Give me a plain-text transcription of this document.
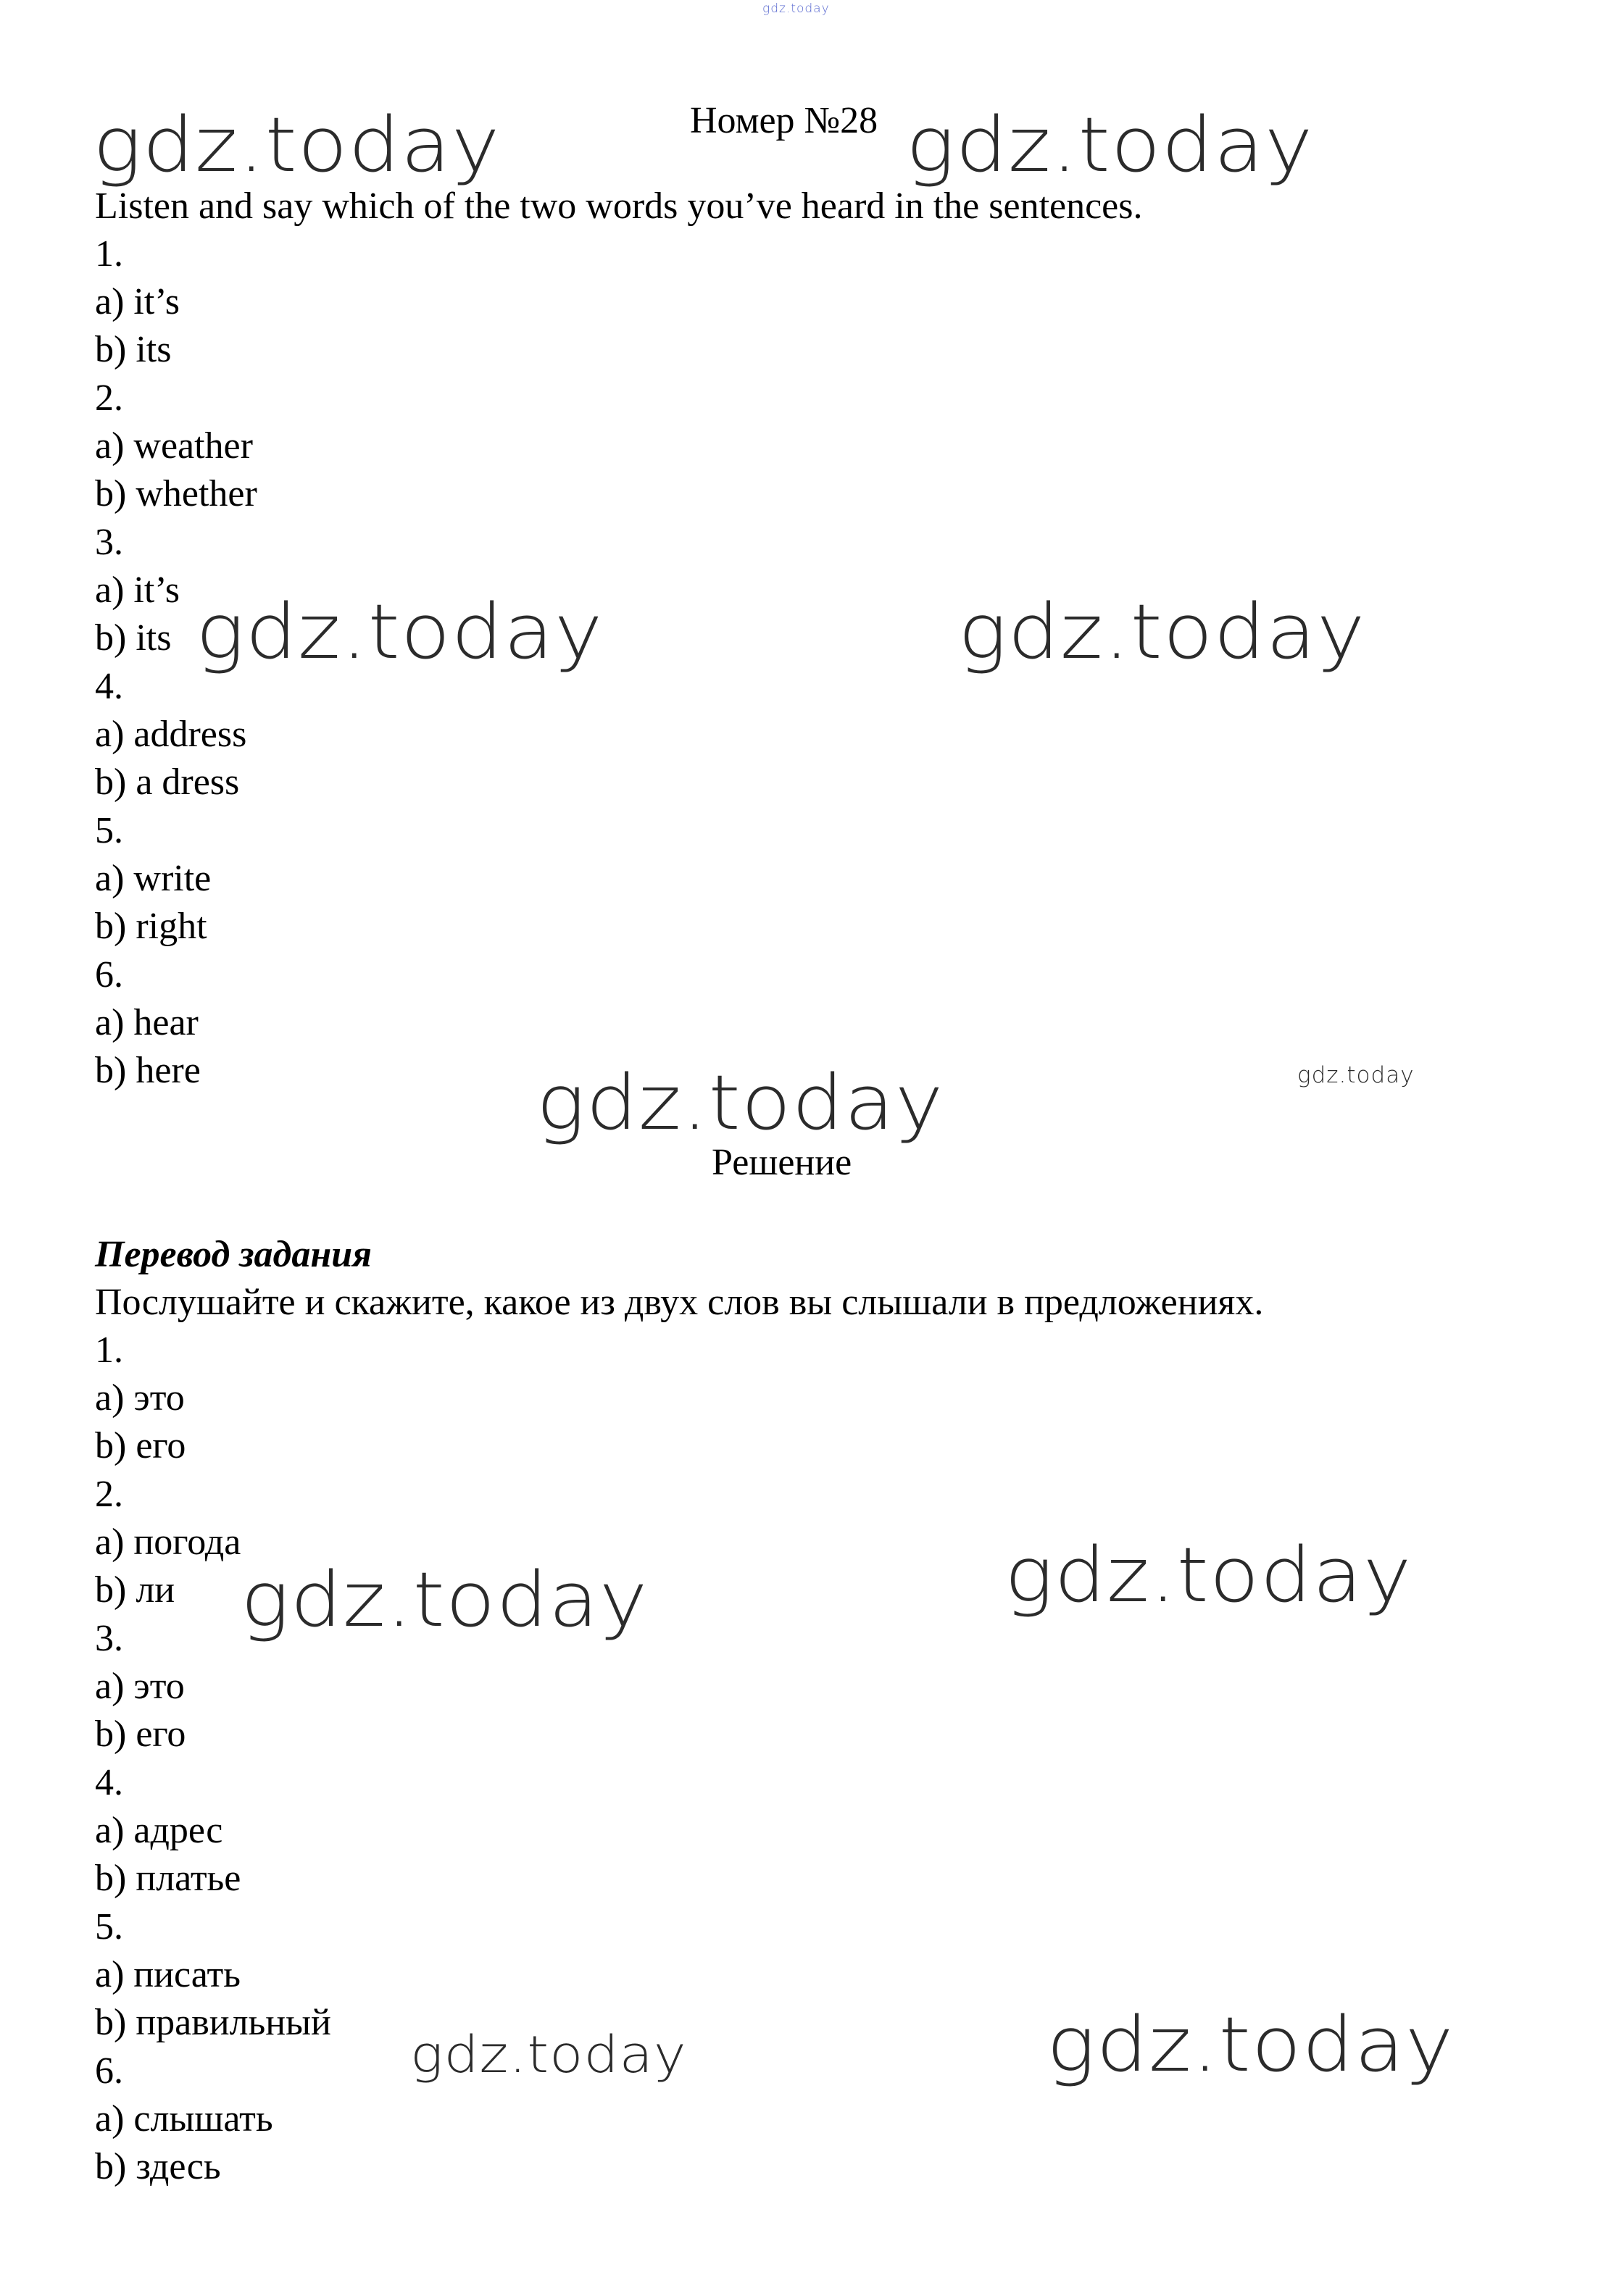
gdz.today
Номер №28

Listen and say which of the two words you’ve heard in the sentences.

1.

a) it’s

b) its

2.

a) weather

b) whether

3.

a) it’s

b) its

4.

a) address

b) a dress

5.

a) write

b) right

6.

a) hear

b) here

Решение

Перевод задания

Послушайте и скажите, какое из двух слов вы слышали в предложениях.

1.

a) это

b) его

2.

a) погода

b) ли

3.

a) это

b) его

4.

a) адрес

b) платье

5.

a) писать

b) правильный

6.

a) слышать

b) здесь

gdz.today	gdz.today
gdz.today	gdz.today
gdz.today	gdz.today
gdz.today	gdz.today
gdz.today	gdz.today
